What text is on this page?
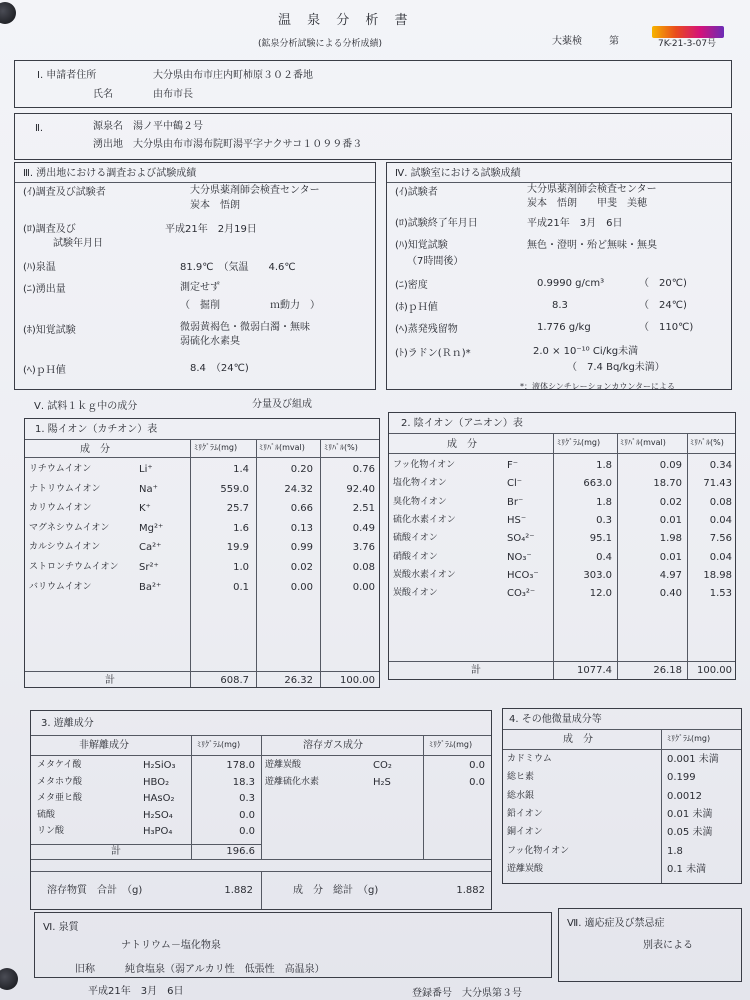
温 泉 分 析 書
(鉱泉分析試験による分析成績)	大薬検	第	7K-21-3-07号
Ⅰ. 申請者住所	大分県由布市庄内町柿原３０２番地
氏名	由布市長
Ⅱ.	源泉名 湯ノ平中鶴２号
湧出地 大分県由布市湯布院町湯平字ナクサコ１０９９番３
Ⅲ. 湧出地における調査および試験成績
(ｲ)調査及び試験者	大分県薬剤師会検査センター
炭本　悟朗
(ﾛ)調査及び
試験年月日
平成21年　2月19日
(ﾊ)泉温	81.9℃　（気温　　4.6℃
(ﾆ)湧出量	測定せず
（　掘削　　　　　ｍ動力　）
(ﾎ)知覚試験	微弱黄褐色・微弱白濁・無味
弱硫化水素臭
(ﾍ)ｐＨ値	8.4　（24℃)
Ⅳ. 試験室における試験成績
(ｲ)試験者	大分県薬剤師会検査センター
炭本　悟朗　　甲斐　美穂
(ﾛ)試験終了年月日	平成21年　3月　6日
(ﾊ)知覚試験
（7時間後）
無色・澄明・殆ど無味・無臭
(ﾆ)密度	0.9990 g/cm³	（　20℃)
(ﾎ)ｐＨ値	8.3	（　24℃)
(ﾍ)蒸発残留物	1.776 g/kg	（　110℃)
(ﾄ)ラドン(Ｒｎ)*	2.0 × 10⁻¹⁰ Ci/kg未満
（　7.4 Bq/kg未満）
*：液体シンチレーションカウンターによる
Ⅴ. 試料１ｋｇ中の成分	分量及び組成
1. 陽イオン（カチオン）表
成　分	ﾐﾘｸﾞﾗﾑ(mg)	ﾐﾘﾊﾞﾙ(mval) ﾐﾘﾊﾞﾙ(%)
リチウムイオン	Li⁺	1.4	0.20	0.76
ナトリウムイオン	Na⁺	559.0	24.32	92.40
カリウムイオン	K⁺	25.7	0.66	2.51
マグネシウムイオン	Mg²⁺	1.6	0.13	0.49
カルシウムイオン	Ca²⁺	19.9	0.99	3.76
ストロンチウムイオン Sr²⁺	1.0	0.02	0.08
バリウムイオン	Ba²⁺	0.1	0.00	0.00
計	608.7	26.32	100.00
2. 陰イオン（アニオン）表
成　分	ﾐﾘｸﾞﾗﾑ(mg) ﾐﾘﾊﾞﾙ(mval)	ﾐﾘﾊﾞﾙ(%)
フッ化物イオン	F⁻	1.8	0.09	0.34
塩化物イオン	Cl⁻	663.0	18.70	71.43
臭化物イオン	Br⁻	1.8	0.02	0.08
硫化水素イオン	HS⁻	0.3	0.01	0.04
硫酸イオン	SO₄²⁻	95.1	1.98	7.56
硝酸イオン	NO₃⁻	0.4	0.01	0.04
炭酸水素イオン	HCO₃⁻	303.0	4.97	18.98
炭酸イオン	CO₃²⁻	12.0	0.40	1.53
計	1077.4	26.18	100.00
3. 遊離成分
非解離成分	ﾐﾘｸﾞﾗﾑ(mg)	溶存ガス成分	ﾐﾘｸﾞﾗﾑ(mg)
メタケイ酸	H₂SiO₃	178.0
メタホウ酸	HBO₂	18.3
メタ亜ヒ酸	HAsO₂	0.3
硫酸	H₂SO₄	0.0
リン酸	H₃PO₄	0.0
遊離炭酸	CO₂	0.0
遊離硫化水素	H₂S	0.0
計	196.6
溶存物質　合計　（g)	1.882	成　分　総計　（g)	1.882
4. その他微量成分等
成　分	ﾐﾘｸﾞﾗﾑ(mg)
カドミウム	0.001 未満
総ヒ素	0.199
総水銀	0.0012
鉛イオン	0.01 未満
銅イオン	0.05 未満
フッ化物イオン	1.8
遊離炭酸	0.1 未満
Ⅵ. 泉質
ナトリウム－塩化物泉
旧称	純食塩泉（弱アルカリ性　低張性　高温泉）
Ⅶ. 適応症及び禁忌症
別表による
平成21年　3月　6日	登録番号　大分県第３号
